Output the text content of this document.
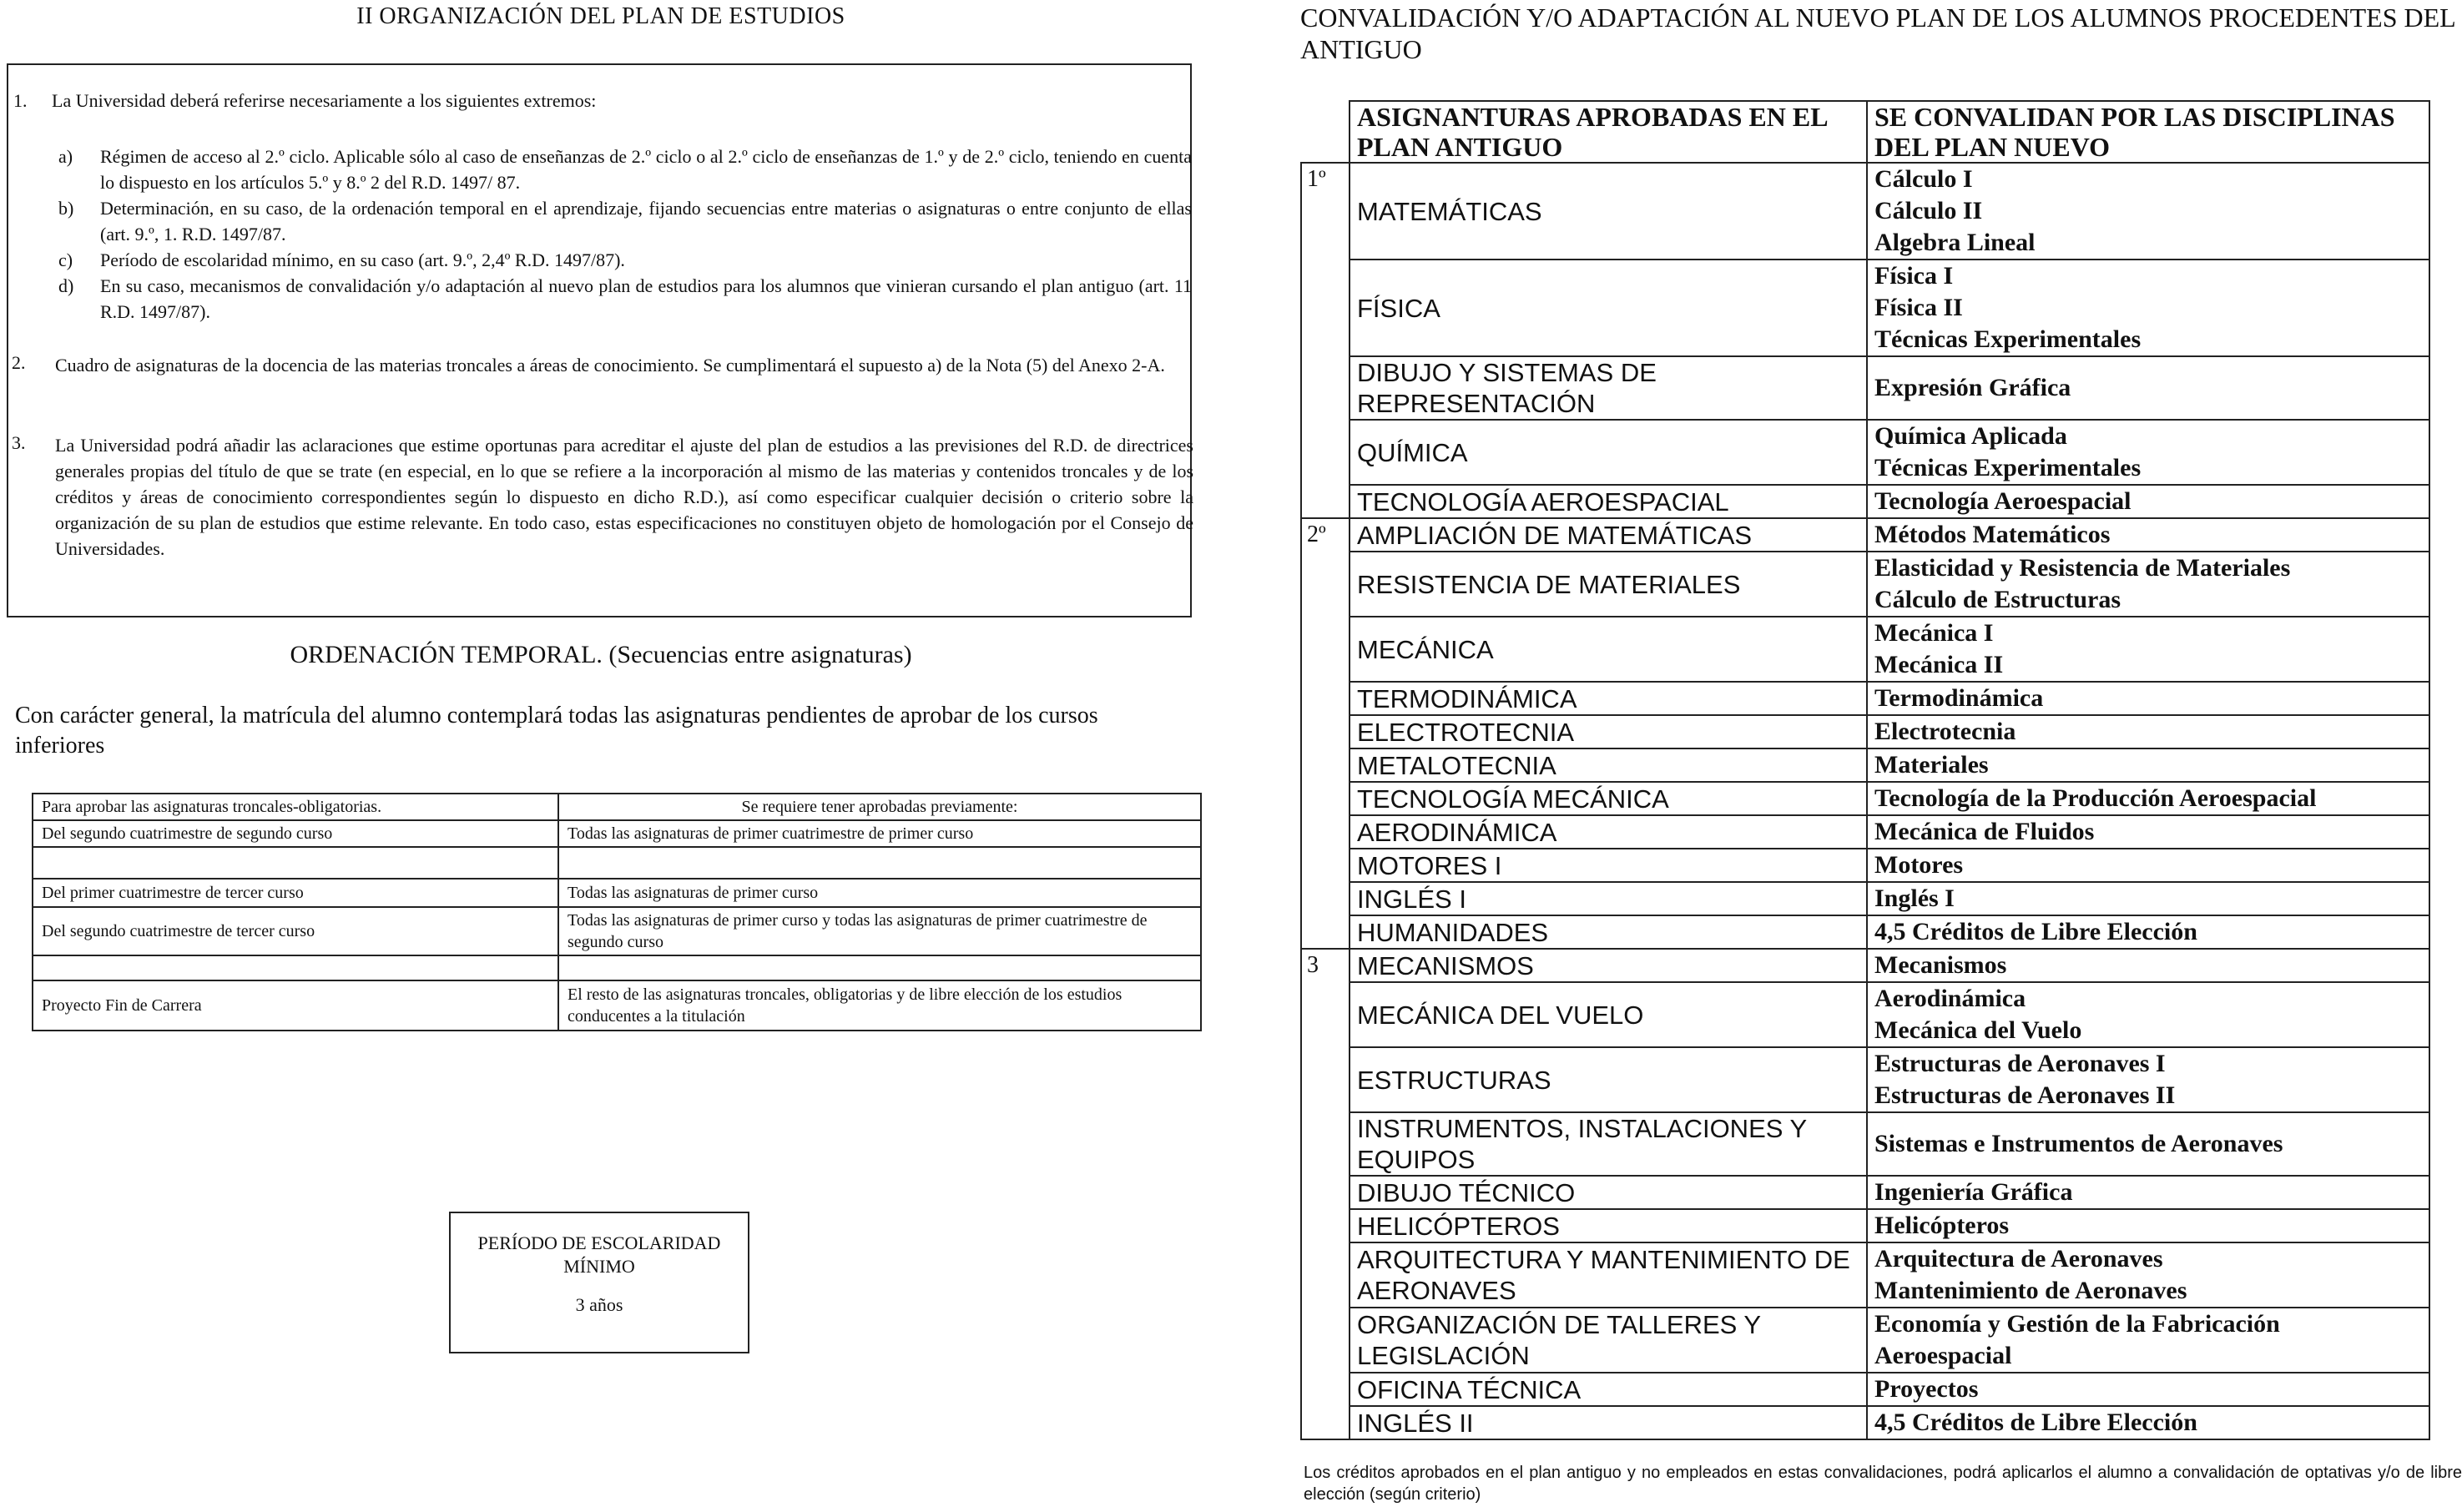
II ORGANIZACIÓN DEL PLAN DE ESTUDIOS
1. La Universidad deberá referirse necesariamente a los siguientes extremos:
a) Régimen de acceso al 2.º ciclo. Aplicable sólo al caso de enseñanzas de 2.º ciclo o al 2.º ciclo de enseñanzas de 1.º y de 2.º ciclo, teniendo en cuenta lo dispuesto en los artículos 5.º y 8.º 2 del R.D. 1497/ 87.
b) Determinación, en su caso, de la ordenación temporal en el aprendizaje, fijando secuencias entre materias o asignaturas o entre conjunto de ellas (art. 9.º, 1. R.D. 1497/87.
c) Período de escolaridad mínimo, en su caso (art. 9.º, 2,4º R.D. 1497/87).
d) En su caso, mecanismos de convalidación y/o adaptación al nuevo plan de estudios para los alumnos que vinieran cursando el plan antiguo (art. 11 R.D. 1497/87).
2. Cuadro de asignaturas de la docencia de las materias troncales a áreas de conocimiento. Se cumplimentará el supuesto a) de la Nota (5) del Anexo 2-A.
3. La Universidad podrá añadir las aclaraciones que estime oportunas para acreditar el ajuste del plan de estudios a las previsiones del R.D. de directrices generales propias del título de que se trate (en especial, en lo que se refiere a la incorporación al mismo de las materias y contenidos troncales y de los créditos y áreas de conocimiento correspondientes según lo dispuesto en dicho R.D.), así como especificar cualquier decisión o criterio sobre la organización de su plan de estudios que estime relevante. En todo caso, estas especificaciones no constituyen objeto de homologación por el Consejo de Universidades.
ORDENACIÓN TEMPORAL. (Secuencias entre asignaturas)
Con carácter general, la matrícula del alumno contemplará todas las asignaturas pendientes de aprobar de los cursos inferiores
Para aprobar las asignaturas troncales-obligatorias.	Se requiere tener aprobadas previamente:
Del segundo cuatrimestre de segundo curso	Todas las asignaturas de primer cuatrimestre de primer curso

Del primer cuatrimestre de tercer curso	Todas las asignaturas de primer curso
Del segundo cuatrimestre de tercer curso	Todas las asignaturas de primer curso y todas las asignaturas de primer cuatrimestre de segundo curso

Proyecto Fin de Carrera	El resto de las asignaturas troncales, obligatorias y de libre elección de los estudios conducentes a la titulación
PERÍODO DE ESCOLARIDAD
MÍNIMO
3 años
CONVALIDACIÓN Y/O ADAPTACIÓN AL NUEVO PLAN DE LOS ALUMNOS PROCEDENTES DEL ANTIGUO
	ASIGNANTURAS APROBADAS EN EL PLAN ANTIGUO	SE CONVALIDAN POR LAS DISCIPLINAS DEL PLAN NUEVO
1º	MATEMÁTICAS	Cálculo I
Cálculo II
Algebra Lineal

	FÍSICA	Física I
Física II
Técnicas Experimentales

	DIBUJO Y SISTEMAS DE REPRESENTACIÓN	Expresión Gráfica

	QUÍMICA	Química Aplicada
Técnicas Experimentales

	TECNOLOGÍA AEROESPACIAL	Tecnología Aeroespacial

2º	AMPLIACIÓN DE MATEMÁTICAS	Métodos Matemáticos

	RESISTENCIA DE MATERIALES	Elasticidad y Resistencia de Materiales
Cálculo de Estructuras

	MECÁNICA	Mecánica I
Mecánica II

	TERMODINÁMICA	Termodinámica

	ELECTROTECNIA	Electrotecnia

	METALOTECNIA	Materiales

	TECNOLOGÍA MECÁNICA	Tecnología de la Producción Aeroespacial

	AERODINÁMICA	Mecánica de Fluidos

	MOTORES I	Motores

	INGLÉS I	Inglés I

	HUMANIDADES	4,5 Créditos de Libre Elección

3	MECANISMOS	Mecanismos

	MECÁNICA DEL VUELO	Aerodinámica
Mecánica del Vuelo

	ESTRUCTURAS	Estructuras de Aeronaves I
Estructuras de Aeronaves II

	INSTRUMENTOS, INSTALACIONES Y EQUIPOS	Sistemas e Instrumentos de Aeronaves

	DIBUJO TÉCNICO	Ingeniería Gráfica

	HELICÓPTEROS	Helicópteros

	ARQUITECTURA Y MANTENIMIENTO DE AERONAVES	Arquitectura de Aeronaves
Mantenimiento de Aeronaves

	ORGANIZACIÓN DE TALLERES Y LEGISLACIÓN	Economía y Gestión de la Fabricación Aeroespacial

	OFICINA TÉCNICA	Proyectos

	INGLÉS II	4,5 Créditos de Libre Elección
Los créditos aprobados en el plan antiguo y no empleados en estas convalidaciones, podrá aplicarlos el alumno a convalidación de optativas y/o de libre elección (según criterio)
